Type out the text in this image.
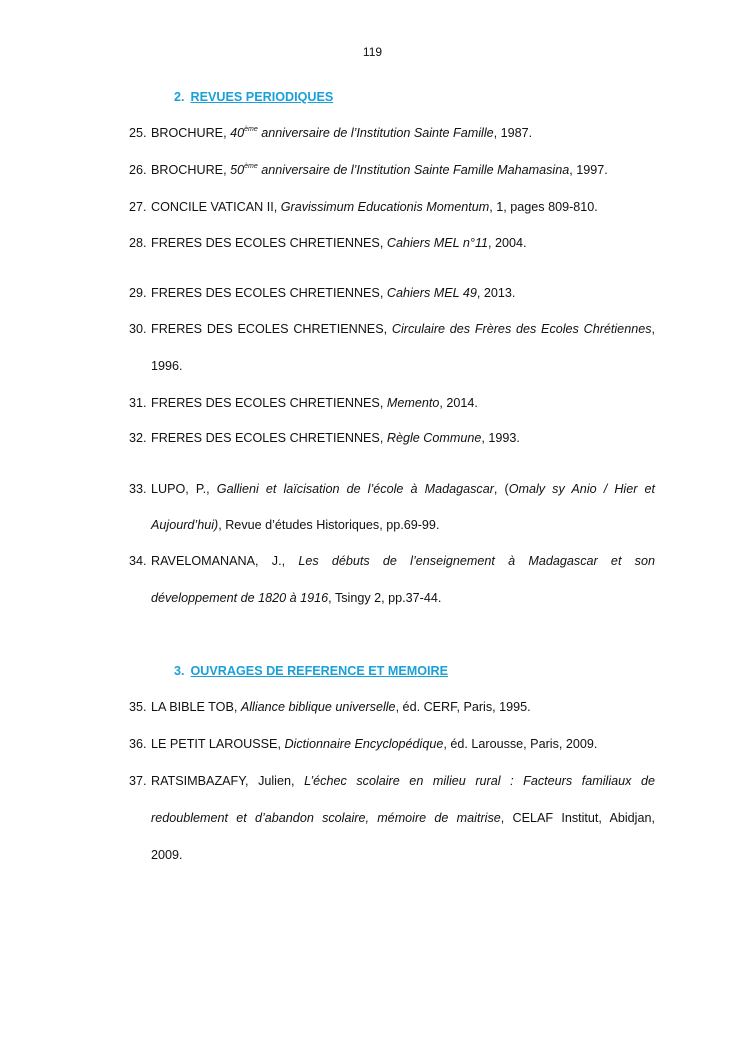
119
2. REVUES PERIODIQUES
25. BROCHURE, 40ème anniversaire de l’Institution Sainte Famille, 1987.
26. BROCHURE, 50ème anniversaire de l’Institution Sainte Famille Mahamasina, 1997.
27. CONCILE VATICAN II, Gravissimum Educationis Momentum, 1, pages 809-810.
28. FRERES DES ECOLES CHRETIENNES, Cahiers MEL n°11, 2004.
29. FRERES DES ECOLES CHRETIENNES, Cahiers MEL 49, 2013.
30. FRERES DES ECOLES CHRETIENNES, Circulaire des Frères des Ecoles Chrétiennes,
1996.
31. FRERES DES ECOLES CHRETIENNES, Memento, 2014.
32. FRERES DES ECOLES CHRETIENNES, Règle Commune, 1993.
33. LUPO, P., Gallieni et laïcisation de l’école à Madagascar, (Omaly sy Anio / Hier et
Aujourd’hui), Revue d’études Historiques, pp.69-99.
34. RAVELOMANANA, J., Les débuts de l’enseignement à Madagascar et son
développement de 1820 à 1916, Tsingy 2, pp.37-44.
3. OUVRAGES DE REFERENCE ET MEMOIRE
35. LA BIBLE TOB, Alliance biblique universelle, éd. CERF, Paris, 1995.
36. LE PETIT LAROUSSE, Dictionnaire Encyclopédique, éd. Larousse, Paris, 2009.
37. RATSIMBAZAFY, Julien, L’échec scolaire en milieu rural : Facteurs familiaux de
redoublement et d’abandon scolaire, mémoire de maitrise, CELAF Institut, Abidjan,
2009.
